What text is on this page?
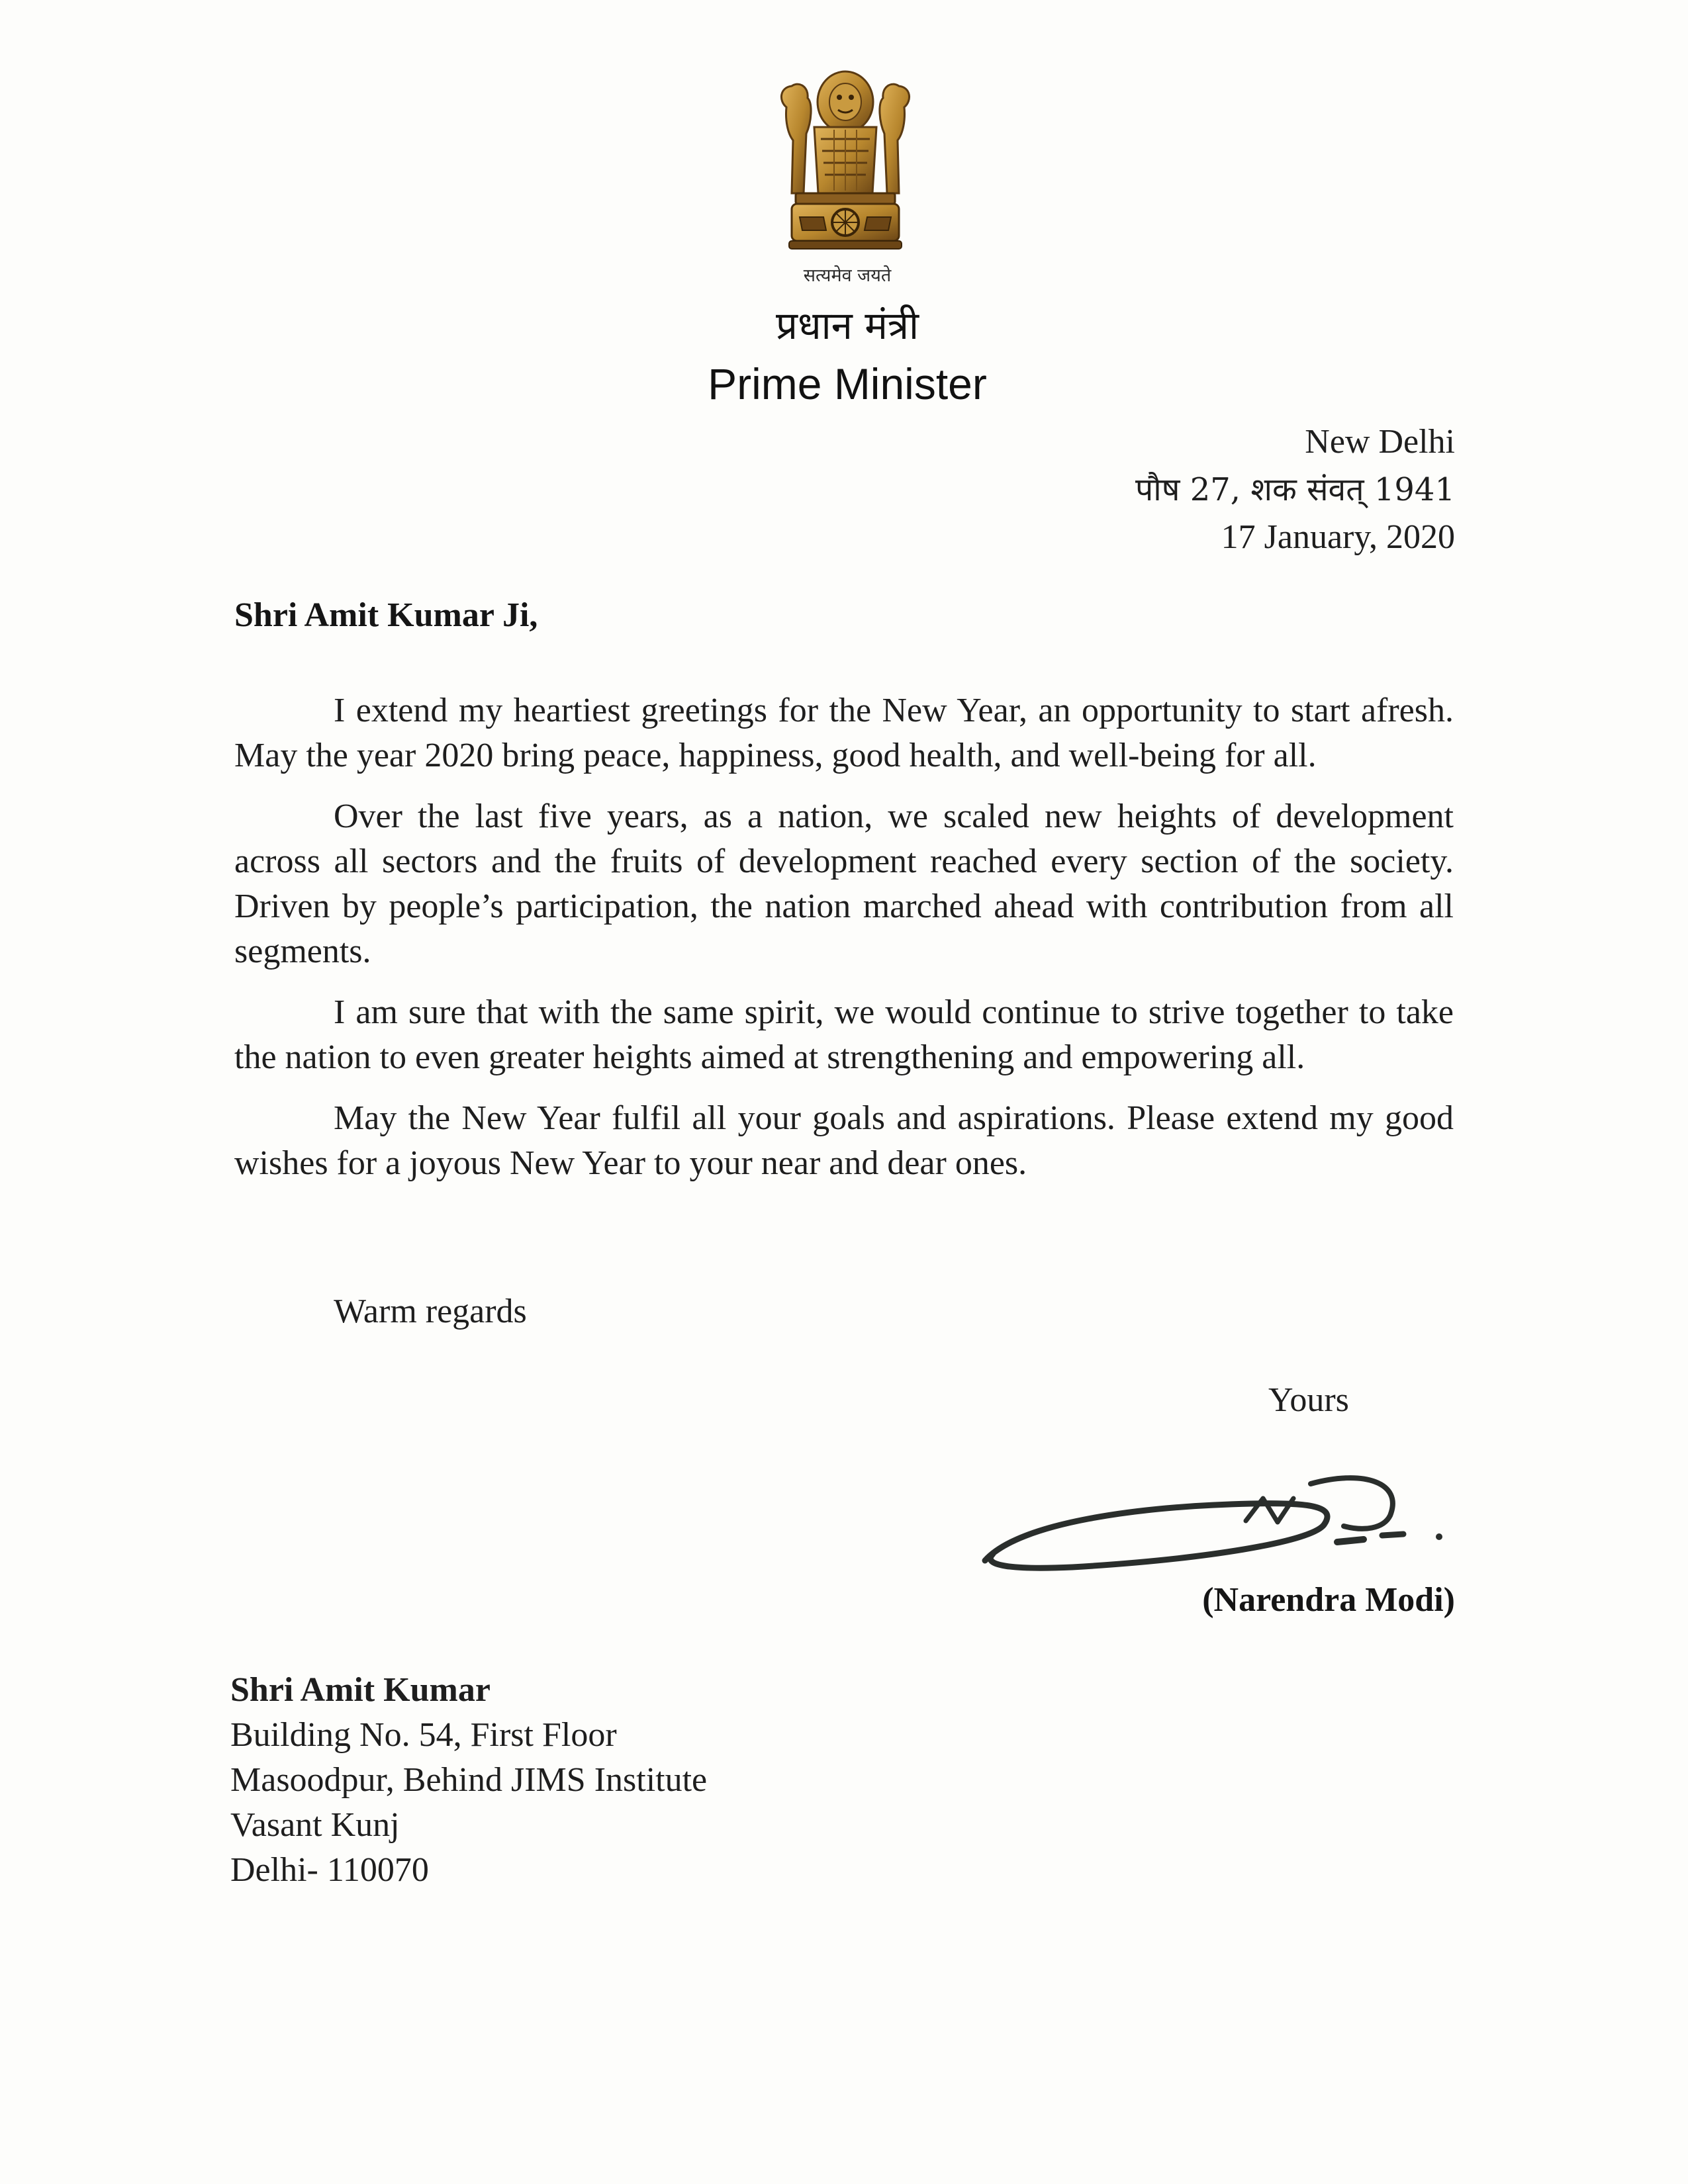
सत्यमेव जयते
प्रधान मंत्री
Prime Minister
New Delhi
पौष 27, शक संवत् 1941
17 January, 2020
Shri Amit Kumar Ji,

I extend my heartiest greetings for the New Year, an opportunity to start afresh. May the year 2020 bring peace, happiness, good health, and well-being for all.

Over the last five years, as a nation, we scaled new heights of development across all sectors and the fruits of development reached every section of the society. Driven by people’s participation, the nation marched ahead with contribution from all segments.

I am sure that with the same spirit, we would continue to strive together to take the nation to even greater heights aimed at strengthening and empowering all.

May the New Year fulfil all your goals and aspirations. Please extend my good wishes for a joyous New Year to your near and dear ones.

Warm regards
Yours
(Narendra Modi)
Shri Amit Kumar
Building No. 54, First Floor
Masoodpur, Behind JIMS Institute
Vasant Kunj
Delhi- 110070
